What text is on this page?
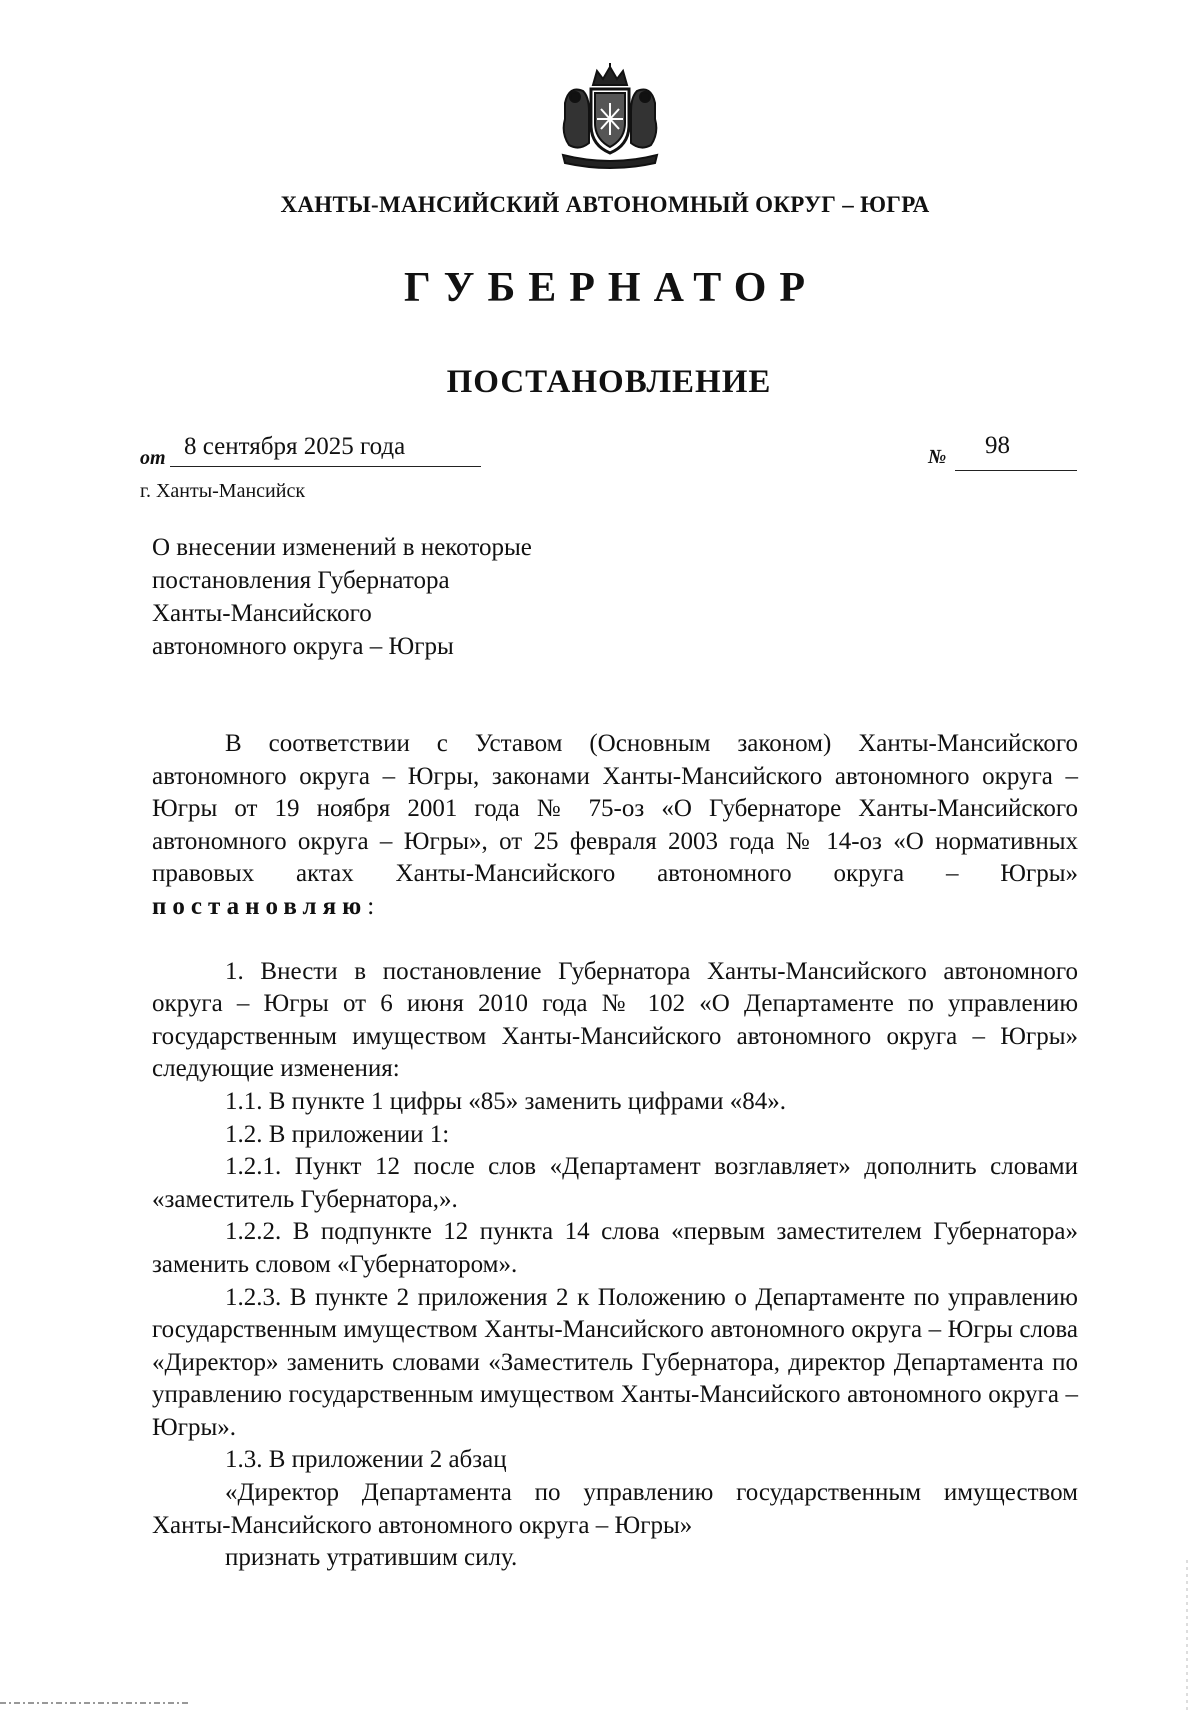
ХАНТЫ-МАНСИЙСКИЙ АВТОНОМНЫЙ ОКРУГ – ЮГРА
ГУБЕРНАТОР
ПОСТАНОВЛЕНИЕ
от 8 сентября 2025 года	№ 98
г. Ханты-Мансийск
О внесении изменений в некоторые
постановления Губернатора
Ханты-Мансийского
автономного округа – Югры

В соответствии с Уставом (Основным законом) Ханты-Мансийского автономного округа – Югры, законами Ханты-Мансийского автономного округа – Югры от 19 ноября 2001 года № 75-оз «О Губернаторе Ханты-Мансийского автономного округа – Югры», от 25 февраля 2003 года № 14-оз «О нормативных правовых актах Ханты-Мансийского автономного округа – Югры» постановляю:

1. Внести в постановление Губернатора Ханты-Мансийского автономного округа – Югры от 6 июня 2010 года № 102 «О Департаменте по управлению государственным имуществом Ханты-Мансийского автономного округа – Югры» следующие изменения:

1.1. В пункте 1 цифры «85» заменить цифрами «84».

1.2. В приложении 1:

1.2.1. Пункт 12 после слов «Департамент возглавляет» дополнить словами «заместитель Губернатора,».

1.2.2. В подпункте 12 пункта 14 слова «первым заместителем Губернатора» заменить словом «Губернатором».

1.2.3. В пункте 2 приложения 2 к Положению о Департаменте по управлению государственным имуществом Ханты-Мансийского автономного округа – Югры слова «Директор» заменить словами «Заместитель Губернатора, директор Департамента по управлению государственным имуществом Ханты-Мансийского автономного округа – Югры».

1.3. В приложении 2 абзац

«Директор Департамента по управлению государственным имуществом Ханты-Мансийского автономного округа – Югры»

признать утратившим силу.
